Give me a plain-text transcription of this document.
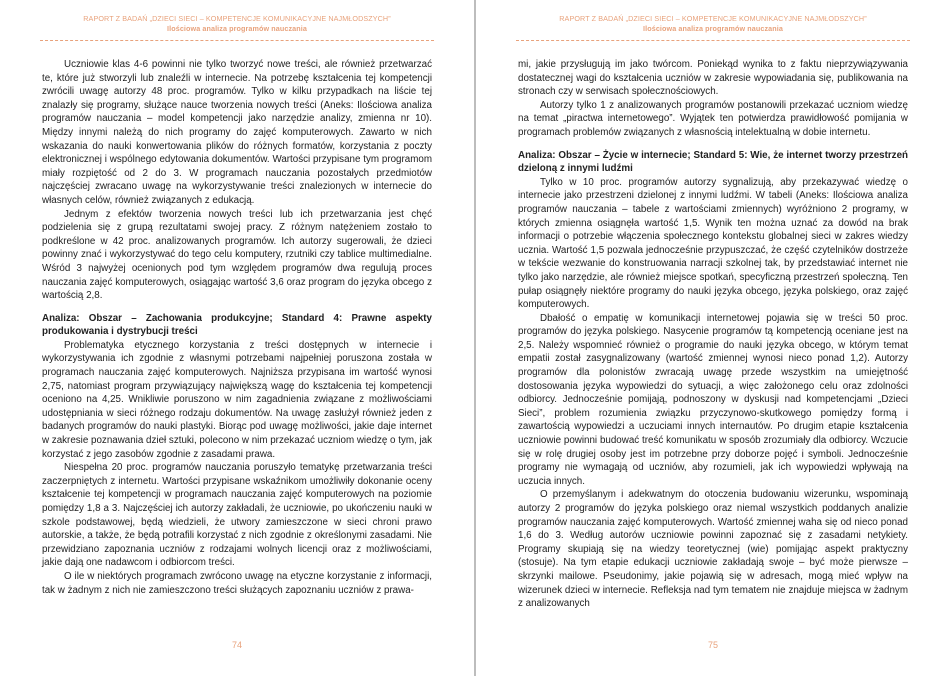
RAPORT Z BADAŃ „DZIECI SIECI – KOMPETENCJE KOMUNIKACYJNE NAJMŁODSZYCH”
Ilościowa analiza programów nauczania

Uczniowie klas 4-6 powinni nie tylko tworzyć nowe treści, ale również przetwarzać te, które już stworzyli lub znaleźli w internecie. Na potrzebę kształcenia tej kompetencji zwrócili uwagę autorzy 48 proc. programów. Tylko w kilku przypadkach na liście tej znalazły się programy, służące nauce tworzenia nowych treści (Aneks: Ilościowa analiza programów nauczania – model kompetencji jako narzędzie analizy, zmienna nr 10). Między innymi należą do nich programy do zajęć komputerowych. Zawarto w nich wskazania do nauki konwertowania plików do różnych formatów, korzystania z poczty elektronicznej i wspólnego edytowania dokumentów. Wartości przypisane tym programom miały rozpiętość od 2 do 3. W programach nauczania pozostałych przedmiotów najczęściej zwracano uwagę na wykorzystywanie treści znalezionych w internecie do własnych celów, również związanych z edukacją.

Jednym z efektów tworzenia nowych treści lub ich przetwarzania jest chęć podzielenia się z grupą rezultatami swojej pracy. Z różnym natężeniem zostało to podkreślone w 42 proc. analizowanych programów. Ich autorzy sugerowali, że dzieci powinny znać i wykorzystywać do tego celu komputery, rzutniki czy tablice multimedialne. Wśród 3 najwyżej ocenionych pod tym względem programów dwa regulują proces nauczania zajęć komputerowych, osiągając wartość 3,6 oraz program do języka obcego z wartością 2,8.

Analiza: Obszar – Zachowania produkcyjne; Standard 4: Prawne aspekty produkowania i dystrybucji treści

Problematyka etycznego korzystania z treści dostępnych w internecie i wykorzystywania ich zgodnie z własnymi potrzebami najpełniej poruszona została w programach nauczania zajęć komputerowych. Najniższa przypisana im wartość wynosi 2,75, natomiast program przywiązujący największą wagę do kształcenia tej kompetencji oceniono na 4,25. Wnikliwie poruszono w nim zagadnienia związane z możliwościami udostępniania w sieci różnego rodzaju dokumentów. Na uwagę zasłużył również jeden z badanych programów do nauki plastyki. Biorąc pod uwagę możliwości, jakie daje internet w zakresie poznawania dzieł sztuki, polecono w nim przekazać uczniom wiedzę o tym, jak korzystać z jego zasobów zgodnie z zasadami prawa.

Niespełna 20 proc. programów nauczania poruszyło tematykę przetwarzania treści zaczerpniętych z internetu. Wartości przypisane wskaźnikom umożliwiły dokonanie oceny kształcenie tej kompetencji w programach nauczania zajęć komputerowych na poziomie pomiędzy 1,8 a 3. Najczęściej ich autorzy zakładali, że uczniowie, po ukończeniu nauki w szkole podstawowej, będą wiedzieli, że utwory zamieszczone w sieci chroni prawo autorskie, a także, że będą potrafili korzystać z nich zgodnie z określonymi zasadami. Nie przewidziano zapoznania uczniów z rodzajami wolnych licencji oraz z możliwościami, jakie dają one nadawcom i odbiorcom treści.

O ile w niektórych programach zwrócono uwagę na etyczne korzystanie z informacji, tak w żadnym z nich nie zamieszczono treści służących zapoznaniu uczniów z prawa-

74
RAPORT Z BADAŃ „DZIECI SIECI – KOMPETENCJE KOMUNIKACYJNE NAJMŁODSZYCH”
Ilościowa analiza programów nauczania

mi, jakie przysługują im jako twórcom. Poniekąd wynika to z faktu nieprzywiązywania dostatecznej wagi do kształcenia uczniów w zakresie wypowiadania się, publikowania na stronach czy w serwisach społecznościowych.

Autorzy tylko 1 z analizowanych programów postanowili przekazać uczniom wiedzę na temat „piractwa internetowego”. Wyjątek ten potwierdza prawidłowość pomijania w programach problemów związanych z własnością intelektualną w dobie internetu.

Analiza: Obszar – Życie w internecie; Standard 5: Wie, że internet tworzy przestrzeń dzieloną z innymi ludźmi

Tylko w 10 proc. programów autorzy sygnalizują, aby przekazywać wiedzę o internecie jako przestrzeni dzielonej z innymi ludźmi. W tabeli (Aneks: Ilościowa analiza programów nauczania – tabele z wartościami zmiennych) wyróżniono 2 programy, w których zmienna osiągnęła wartość 1,5. Wynik ten można uznać za dowód na brak informacji o potrzebie włączenia społecznego kontekstu globalnej sieci w zakres wiedzy ucznia. Wartość 1,5 pozwala jednocześnie przypuszczać, że część czytelników dostrzeże w tekście wezwanie do konstruowania narracji szkolnej tak, by przedstawiać internet nie tylko jako narzędzie, ale również miejsce spotkań, specyficzną przestrzeń społeczną. Ten pułap osiągnęły niektóre programy do nauki języka obcego, języka polskiego, oraz zajęć komputerowych.

Dbałość o empatię w komunikacji internetowej pojawia się w treści 50 proc. programów do języka polskiego. Nasycenie programów tą kompetencją oceniane jest na 2,5. Należy wspomnieć również o programie do nauki języka obcego, w którym temat empatii został zasygnalizowany (wartość zmiennej wynosi nieco ponad 1,2). Autorzy programów dla polonistów zwracają uwagę przede wszystkim na umiejętność dostosowania języka wypowiedzi do sytuacji, a więc założonego celu oraz zdolności odbiorcy. Jednocześnie pomijają, podnoszony w dyskusji nad kompetencjami „Dzieci Sieci”, problem rozumienia związku przyczynowo-skutkowego pomiędzy formą i zawartością wypowiedzi a uczuciami innych internautów. Po drugim etapie kształcenia uczniowie powinni budować treść komunikatu w sposób zrozumiały dla odbiorcy. Wczucie się w rolę drugiej osoby jest im potrzebne przy doborze pojęć i symboli. Jednocześnie programy nie wymagają od uczniów, aby rozumieli, jak ich wypowiedzi wpływają na uczucia innych.

O przemyślanym i adekwatnym do otoczenia budowaniu wizerunku, wspominają autorzy 2 programów do języka polskiego oraz niemal wszystkich poddanych analizie programów nauczania zajęć komputerowych. Wartość zmiennej waha się od nieco ponad 1,6 do 3. Według autorów uczniowie powinni zapoznać się z zasadami netykiety. Programy skupiają się na wiedzy teoretycznej (wie) pomijając aspekt praktyczny (stosuje). Na tym etapie edukacji uczniowie zakładają swoje – być może pierwsze – skrzynki mailowe. Pseudonimy, jakie pojawią się w adresach, mogą mieć wpływ na wizerunek dzieci w internecie. Refleksja nad tym tematem nie znajduje miejsca w żadnym z analizowanych

75
